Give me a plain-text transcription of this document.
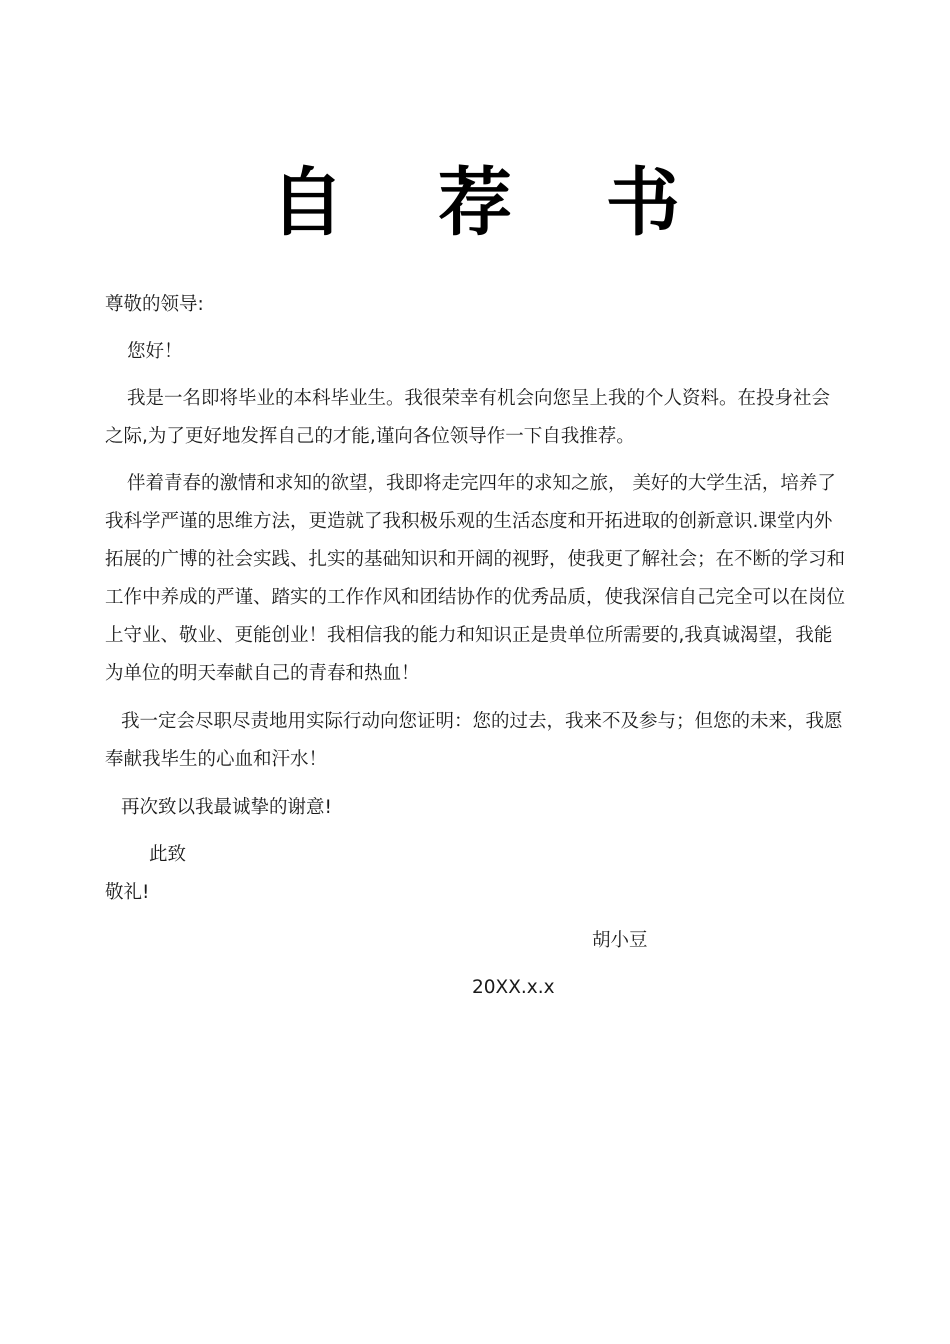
自 荐 书

尊敬的领导:

您好！

我是一名即将毕业的本科毕业生。我很荣幸有机会向您呈上我的个人资料。在投身社会之际,为了更好地发挥自己的才能,谨向各位领导作一下自我推荐。

伴着青春的激情和求知的欲望，我即将走完四年的求知之旅， 美好的大学生活，培养了我科学严谨的思维方法，更造就了我积极乐观的生活态度和开拓进取的创新意识.课堂内外拓展的广博的社会实践、扎实的基础知识和开阔的视野，使我更了解社会；在不断的学习和工作中养成的严谨、踏实的工作作风和团结协作的优秀品质，使我深信自己完全可以在岗位上守业、敬业、更能创业！我相信我的能力和知识正是贵单位所需要的,我真诚渴望，我能为单位的明天奉献自己的青春和热血！

我一定会尽职尽责地用实际行动向您证明：您的过去，我来不及参与；但您的未来，我愿奉献我毕生的心血和汗水！

再次致以我最诚挚的谢意!

此致

敬礼!

胡小豆
20XX.x.x
